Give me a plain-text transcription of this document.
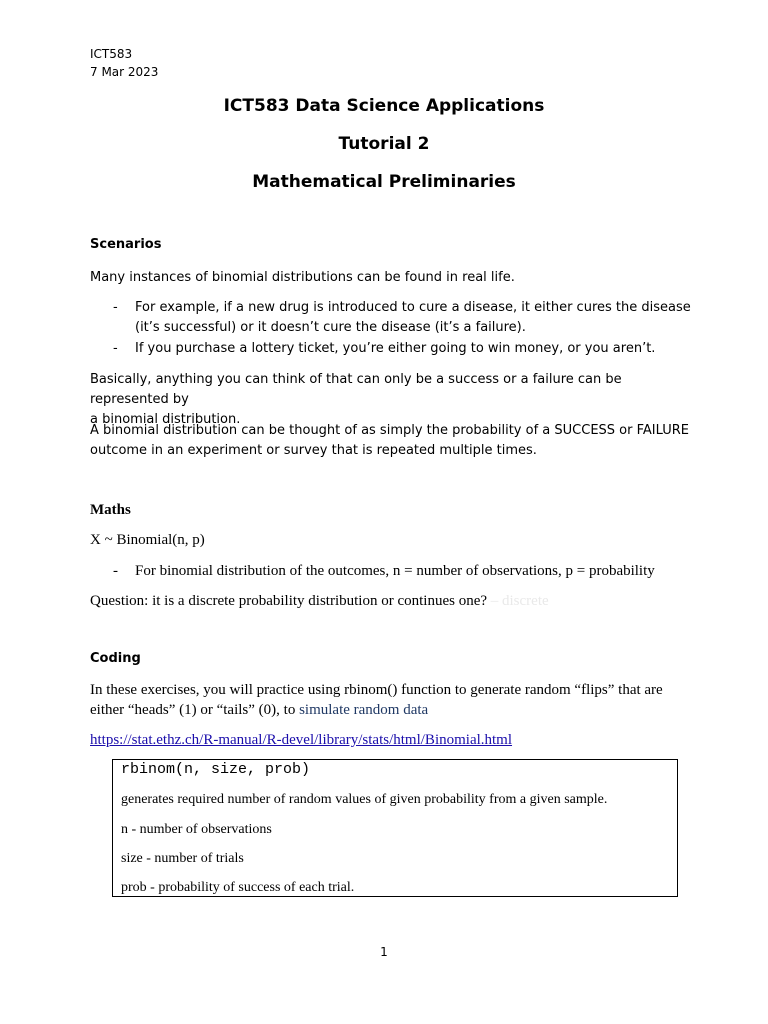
ICT583
7 Mar 2023
ICT583 Data Science Applications
Tutorial 2
Mathematical Preliminaries
Scenarios
Many instances of binomial distributions can be found in real life.
- For example, if a new drug is introduced to cure a disease, it either cures the disease
(it’s successful) or it doesn’t cure the disease (it’s a failure).
- If you purchase a lottery ticket, you’re either going to win money, or you aren’t.
Basically, anything you can think of that can only be a success or a failure can be represented by
a binomial distribution.
A binomial distribution can be thought of as simply the probability of a SUCCESS or FAILURE
outcome in an experiment or survey that is repeated multiple times.
Maths
X ~ Binomial(n, p)
- For binomial distribution of the outcomes, n = number of observations, p = probability
Question: it is a discrete probability distribution or continues one? – discrete
Coding
In these exercises, you will practice using rbinom() function to generate random “flips” that are
either “heads” (1) or “tails” (0), to simulate random data
https://stat.ethz.ch/R-manual/R-devel/library/stats/html/Binomial.html
rbinom(n, size, prob)
generates required number of random values of given probability from a given sample.
n - number of observations
size - number of trials
prob - probability of success of each trial.
1
